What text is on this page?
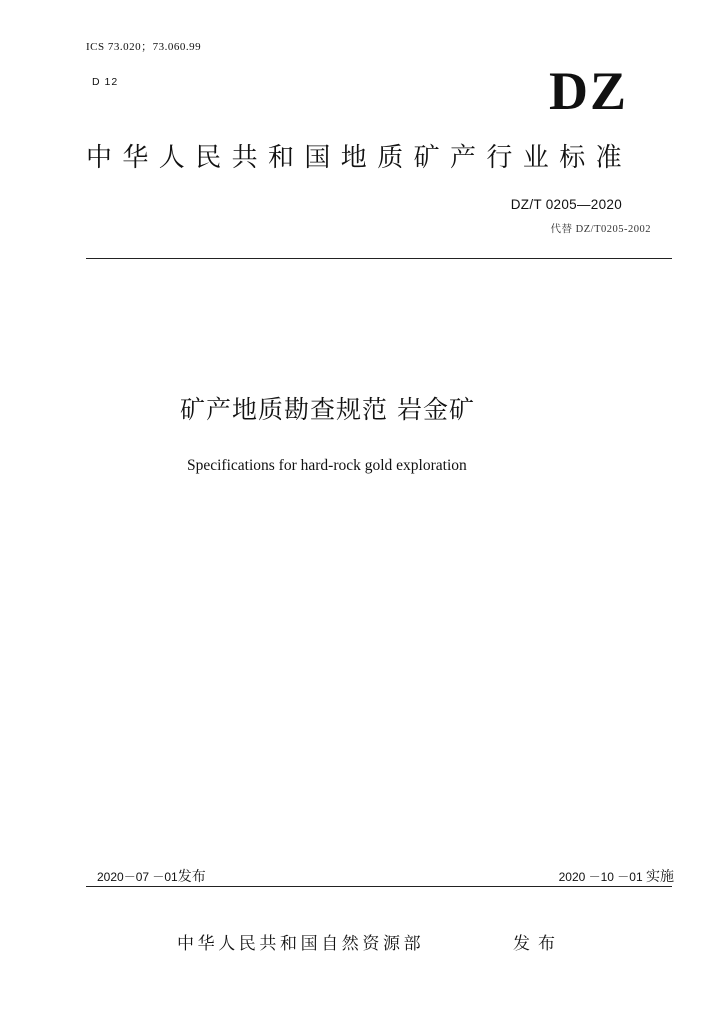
ICS 73.020；73.060.99
D 12	DZ
中华人民共和国地质矿产行业标准
DZ/T 0205—2020
代替 DZ/T0205-2002
矿产地质勘查规范 岩金矿
Specifications for hard-rock gold exploration
2020－07 －01发布	2020 －10 －01 实施
中华人民共和国自然资源部	发布
